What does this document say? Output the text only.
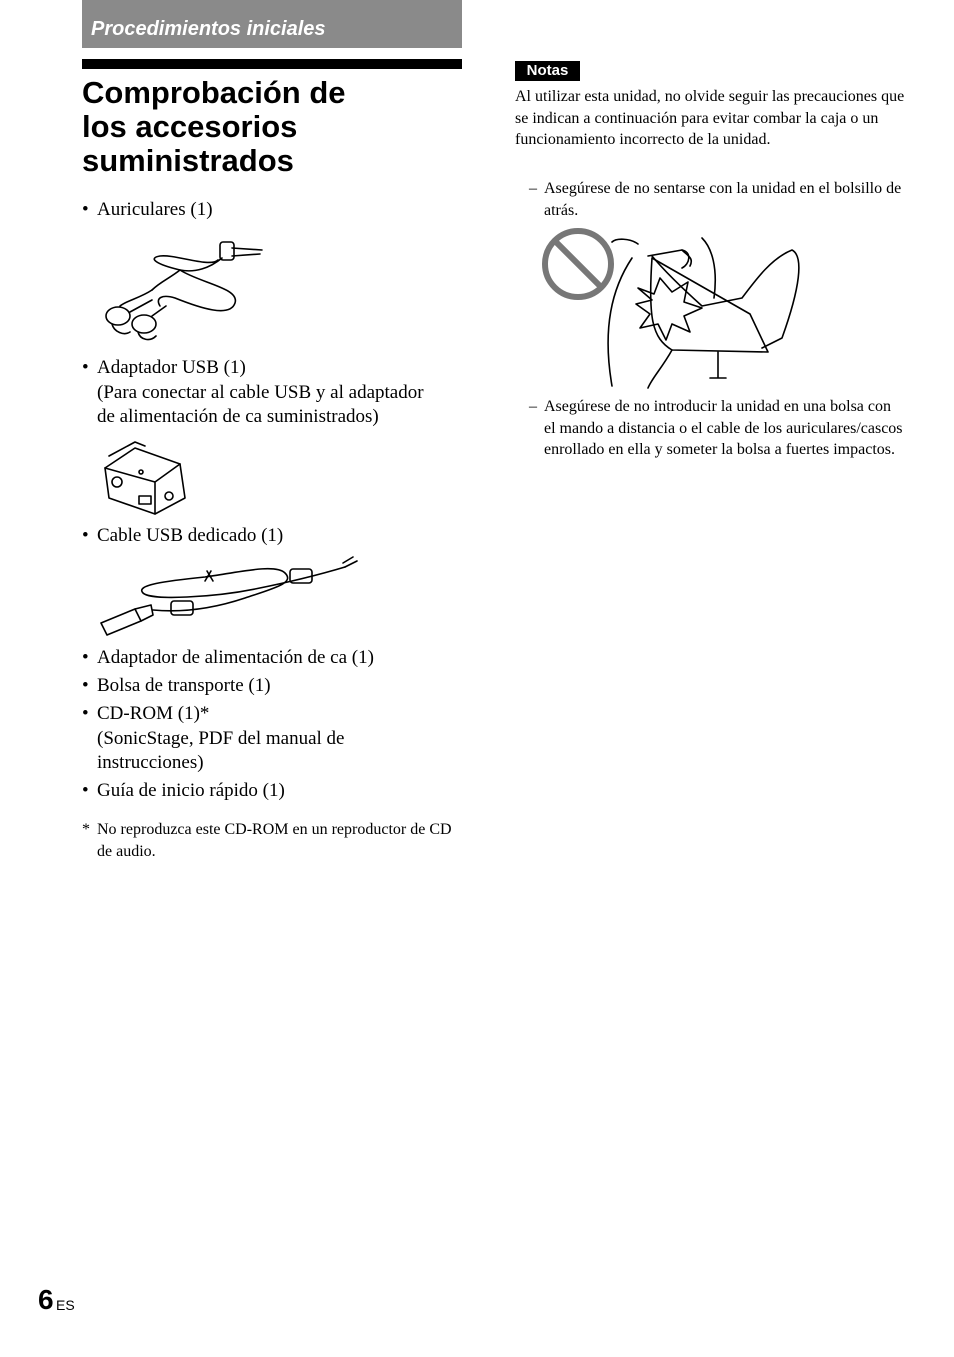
Procedimientos iniciales
Comprobación de
los accesorios
suministrados
• Auriculares (1)
• Adaptador USB (1)
(Para conectar al cable USB y al adaptador
de alimentación de ca suministrados)
• Cable USB dedicado (1)
• Adaptador de alimentación de ca (1)
• Bolsa de transporte (1)
• CD-ROM (1)*
(SonicStage, PDF del manual de
instrucciones)
• Guía de inicio rápido (1)
* No reproduzca este CD-ROM en un reproductor de CD de audio.
Notas
Al utilizar esta unidad, no olvide seguir las precauciones que se indican a continuación para evitar combar la caja o un funcionamiento incorrecto de la unidad.
– Asegúrese de no sentarse con la unidad en el bolsillo de atrás.
– Asegúrese de no introducir la unidad en una bolsa con el mando a distancia o el cable de los auriculares/cascos enrollado en ella y someter la bolsa a fuertes impactos.
6 ES
